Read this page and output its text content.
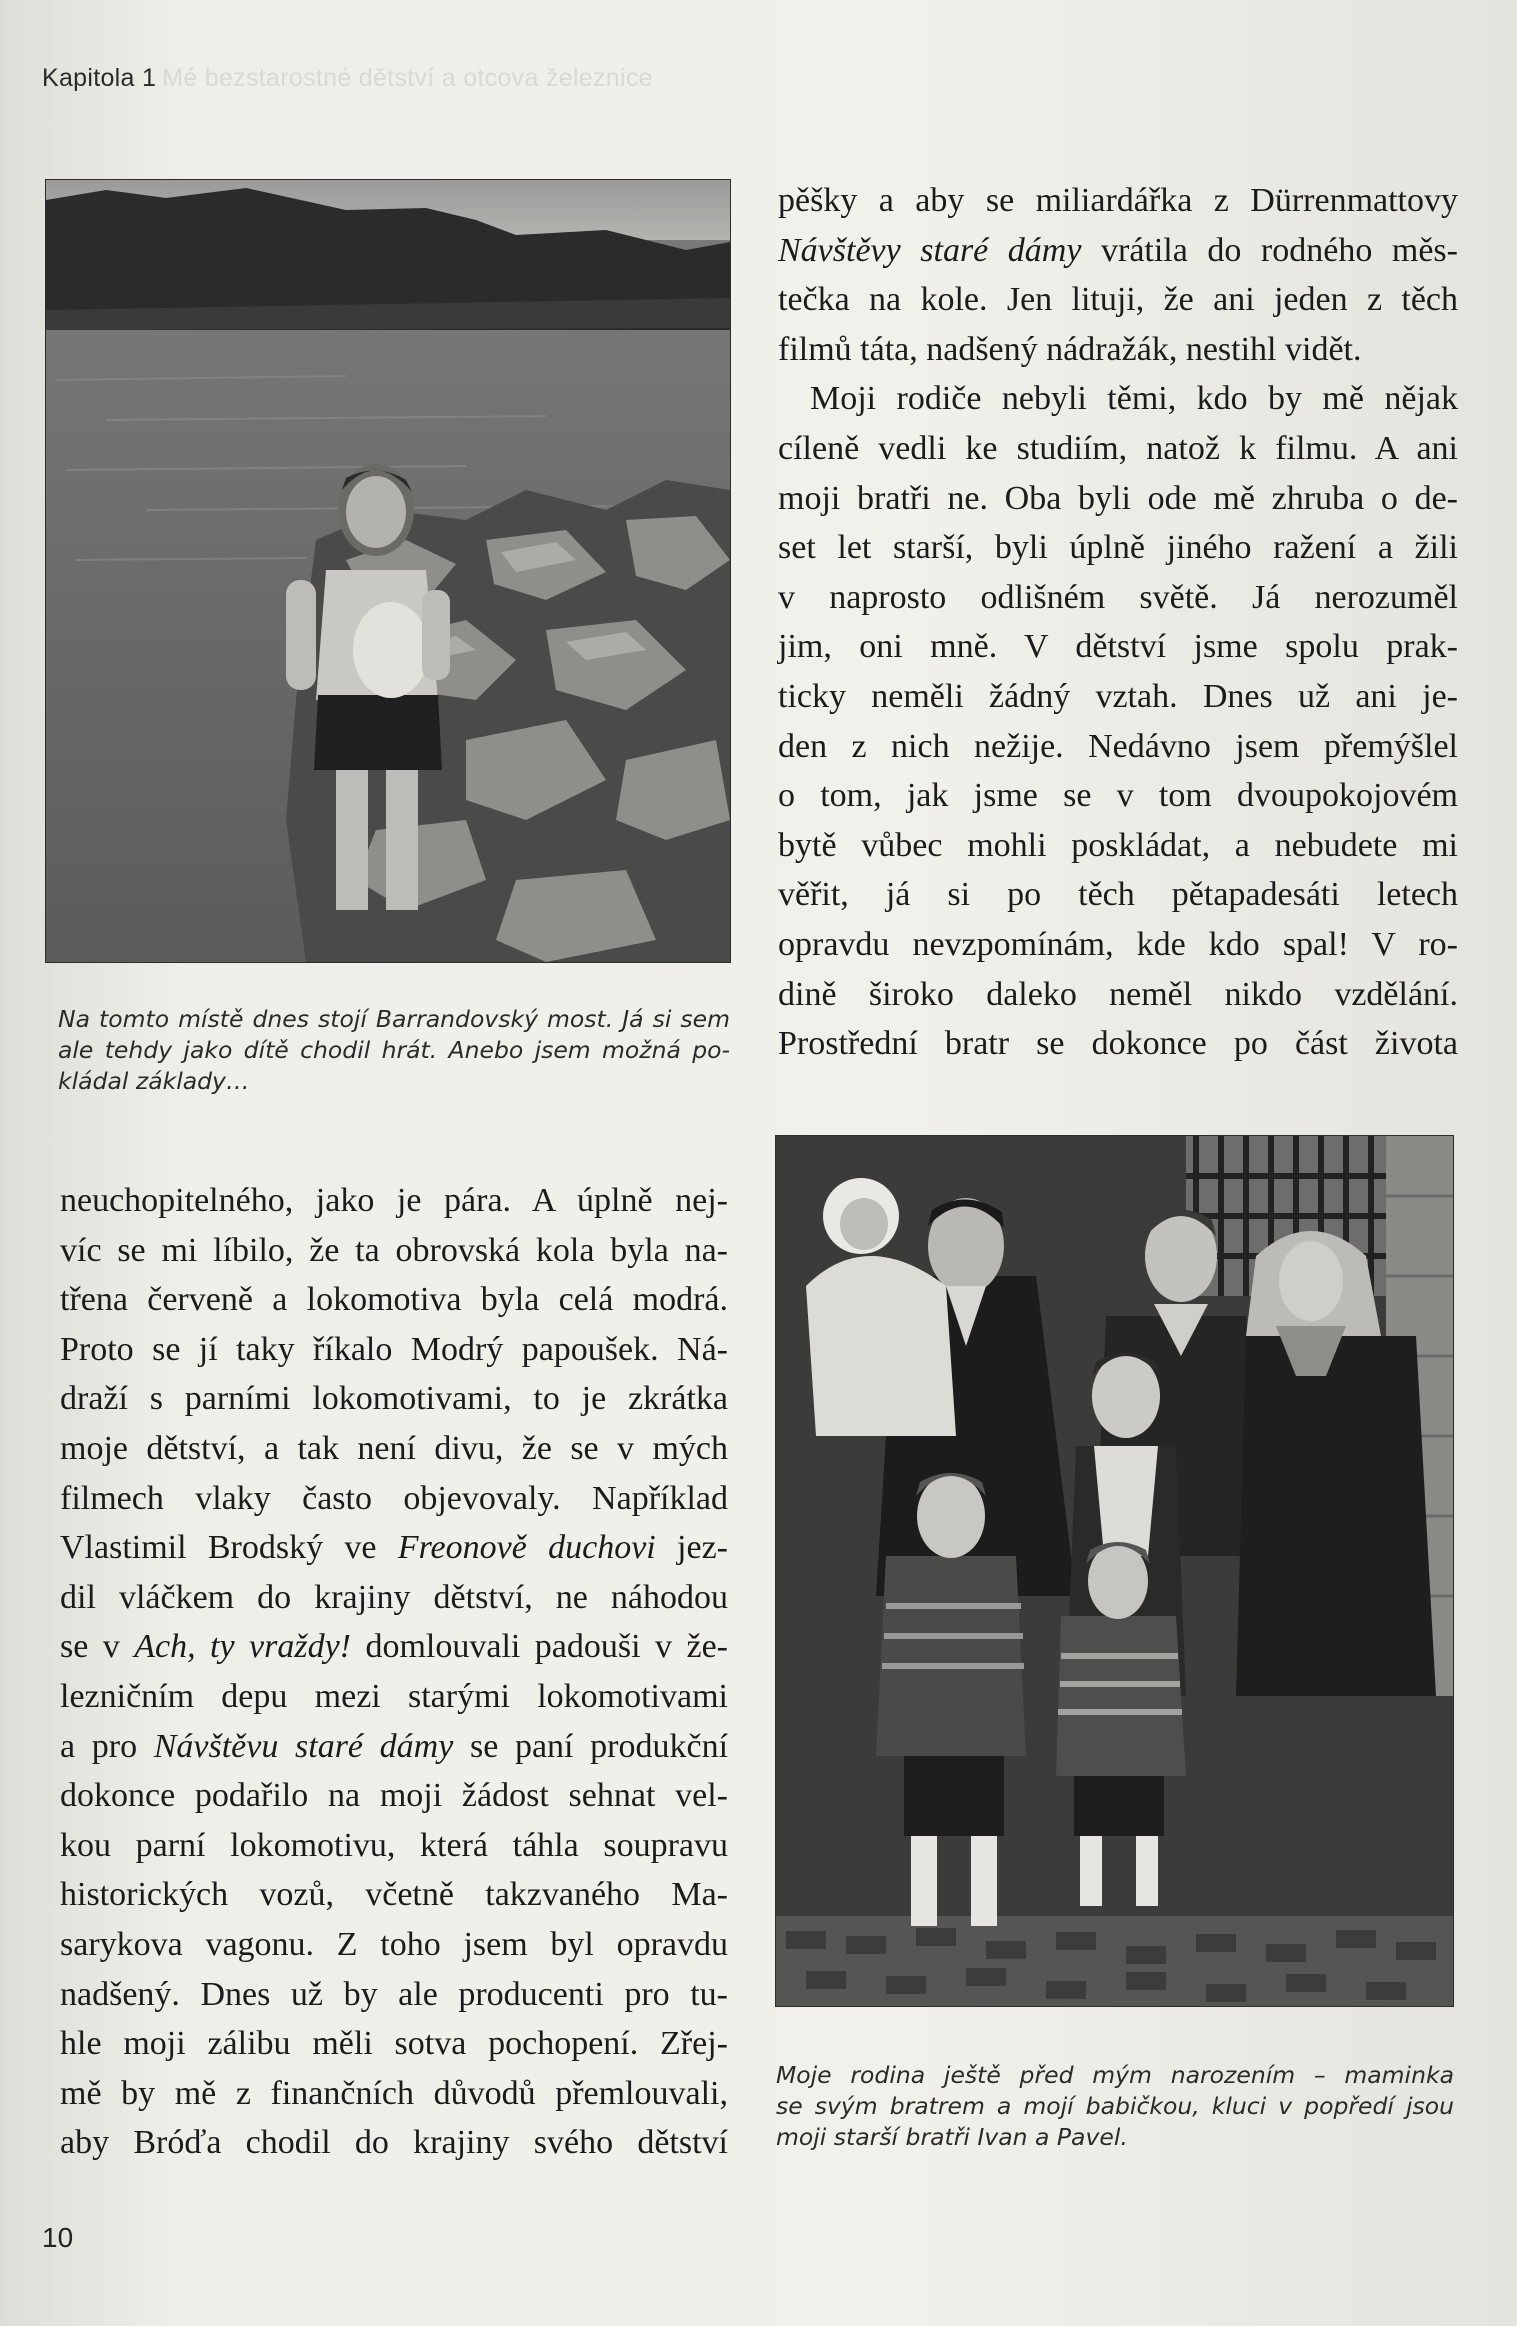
Kapitola 1 Mé bezstarostné dětství a otcova železnice
Na tomto místě dnes stojí Barrandovský most. Já si sem
ale tehdy jako dítě chodil hrát. Anebo jsem možná po-
kládal základy…
pěšky a aby se miliardářka z Dürrenmattovy
Návštěvy staré dámy vrátila do rodného měs-
tečka na kole. Jen lituji, že ani jeden z těch
filmů táta, nadšený nádražák, nestihl vidět.
Moji rodiče nebyli těmi, kdo by mě nějak
cíleně vedli ke studiím, natož k filmu. A ani
moji bratři ne. Oba byli ode mě zhruba o de-
set let starší, byli úplně jiného ražení a žili
v naprosto odlišném světě. Já nerozuměl
jim, oni mně. V dětství jsme spolu prak-
ticky neměli žádný vztah. Dnes už ani je-
den z nich nežije. Nedávno jsem přemýšlel
o tom, jak jsme se v tom dvoupokojovém
bytě vůbec mohli poskládat, a nebudete mi
věřit, já si po těch pětapadesáti letech
opravdu nevzpomínám, kde kdo spal! V ro-
dině široko daleko neměl nikdo vzdělání.
Prostřední bratr se dokonce po část života
neuchopitelného, jako je pára. A úplně nej-
víc se mi líbilo, že ta obrovská kola byla na-
třena červeně a lokomotiva byla celá modrá.
Proto se jí taky říkalo Modrý papoušek. Ná-
draží s parními lokomotivami, to je zkrátka
moje dětství, a tak není divu, že se v mých
filmech vlaky často objevovaly. Například
Vlastimil Brodský ve Freonově duchovi jez-
dil vláčkem do krajiny dětství, ne náhodou
se v Ach, ty vraždy! domlouvali padouši v že-
lezničním depu mezi starými lokomotivami
a pro Návštěvu staré dámy se paní produkční
dokonce podařilo na moji žádost sehnat vel-
kou parní lokomotivu, která táhla soupravu
historických vozů, včetně takzvaného Ma-
sarykova vagonu. Z toho jsem byl opravdu
nadšený. Dnes už by ale producenti pro tu-
hle moji zálibu měli sotva pochopení. Zřej-
mě by mě z finančních důvodů přemlouvali,
aby Bróďa chodil do krajiny svého dětství
Moje rodina ještě před mým narozením – maminka
se svým bratrem a mojí babičkou, kluci v popředí jsou
moji starší bratři Ivan a Pavel.
10
